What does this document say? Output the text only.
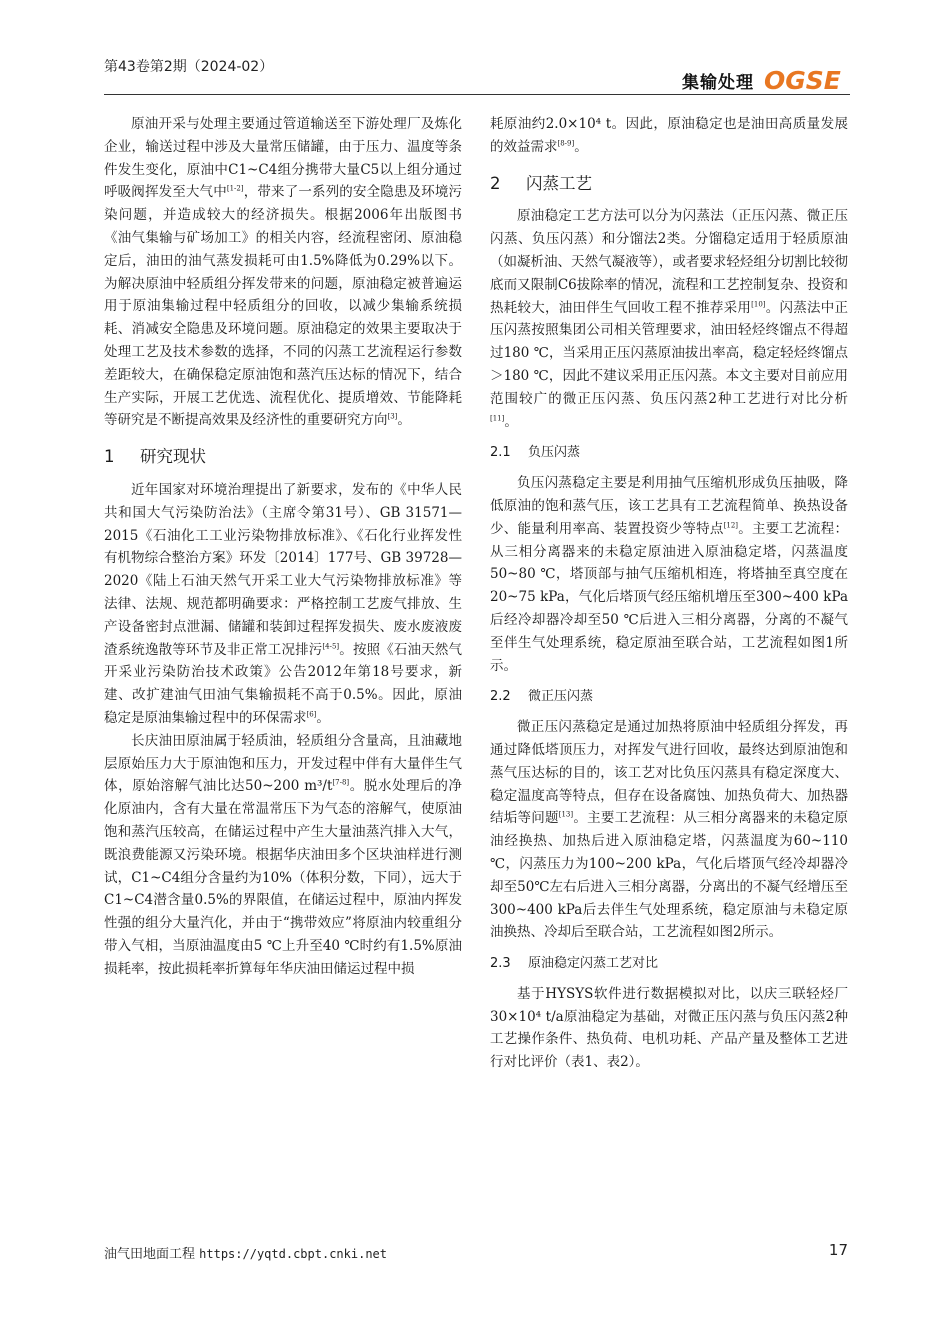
第43卷第2期（2024-02）
集输处理 OGSE

原油开采与处理主要通过管道输送至下游处理厂及炼化企业，输送过程中涉及大量常压储罐，由于压力、温度等条件发生变化，原油中C1~C4组分携带大量C5以上组分通过呼吸阀挥发至大气中[1-2]，带来了一系列的安全隐患及环境污染问题，并造成较大的经济损失。根据2006年出版图书《油气集输与矿场加工》的相关内容，经流程密闭、原油稳定后，油田的油气蒸发损耗可由1.5%降低为0.29%以下。为解决原油中轻质组分挥发带来的问题，原油稳定被普遍运用于原油集输过程中轻质组分的回收，以减少集输系统损耗、消减安全隐患及环境问题。原油稳定的效果主要取决于处理工艺及技术参数的选择，不同的闪蒸工艺流程运行参数差距较大，在确保稳定原油饱和蒸汽压达标的情况下，结合生产实际，开展工艺优选、流程优化、提质增效、节能降耗等研究是不断提高效果及经济性的重要研究方向[3]。

1 研究现状

近年国家对环境治理提出了新要求，发布的《中华人民共和国大气污染防治法》（主席令第31号）、GB 31571—2015《石油化工工业污染物排放标准》、《石化行业挥发性有机物综合整治方案》环发〔2014〕177号、GB 39728—2020《陆上石油天然气开采工业大气污染物排放标准》等法律、法规、规范都明确要求：严格控制工艺废气排放、生产设备密封点泄漏、储罐和装卸过程挥发损失、废水废液废渣系统逸散等环节及非正常工况排污[4-5]。按照《石油天然气开采业污染防治技术政策》公告2012年第18号要求，新建、改扩建油气田油气集输损耗不高于0.5%。因此，原油稳定是原油集输过程中的环保需求[6]。

长庆油田原油属于轻质油，轻质组分含量高，且油藏地层原始压力大于原油饱和压力，开发过程中伴有大量伴生气体，原始溶解气油比达50~200 m³/t[7-8]。脱水处理后的净化原油内，含有大量在常温常压下为气态的溶解气，使原油饱和蒸汽压较高，在储运过程中产生大量油蒸汽排入大气，既浪费能源又污染环境。根据华庆油田多个区块油样进行测试，C1~C4组分含量约为10%（体积分数，下同），远大于C1~C4潜含量0.5%的界限值，在储运过程中，原油内挥发性强的组分大量汽化，并由于“携带效应”将原油内较重组分带入气相，当原油温度由5 ℃上升至40 ℃时约有1.5%原油损耗率，按此损耗率折算每年华庆油田储运过程中损

耗原油约2.0×10⁴ t。因此，原油稳定也是油田高质量发展的效益需求[8-9]。

2 闪蒸工艺

原油稳定工艺方法可以分为闪蒸法（正压闪蒸、微正压闪蒸、负压闪蒸）和分馏法2类。分馏稳定适用于轻质原油（如凝析油、天然气凝液等），或者要求轻烃组分切割比较彻底而又限制C6拔除率的情况，流程和工艺控制复杂、投资和热耗较大，油田伴生气回收工程不推荐采用[10]。闪蒸法中正压闪蒸按照集团公司相关管理要求，油田轻烃终馏点不得超过180 ℃，当采用正压闪蒸原油拔出率高，稳定轻烃终馏点＞180 ℃，因此不建议采用正压闪蒸。本文主要对目前应用范围较广的微正压闪蒸、负压闪蒸2种工艺进行对比分析[11]。

2.1 负压闪蒸

负压闪蒸稳定主要是利用抽气压缩机形成负压抽吸，降低原油的饱和蒸气压，该工艺具有工艺流程简单、换热设备少、能量利用率高、装置投资少等特点[12]。主要工艺流程：从三相分离器来的未稳定原油进入原油稳定塔，闪蒸温度50~80 ℃，塔顶部与抽气压缩机相连，将塔抽至真空度在20~75 kPa，气化后塔顶气经压缩机增压至300~400 kPa后经冷却器冷却至50 ℃后进入三相分离器，分离的不凝气至伴生气处理系统，稳定原油至联合站，工艺流程如图1所示。

2.2 微正压闪蒸

微正压闪蒸稳定是通过加热将原油中轻质组分挥发，再通过降低塔顶压力，对挥发气进行回收，最终达到原油饱和蒸气压达标的目的，该工艺对比负压闪蒸具有稳定深度大、稳定温度高等特点，但存在设备腐蚀、加热负荷大、加热器结垢等问题[13]。主要工艺流程：从三相分离器来的未稳定原油经换热、加热后进入原油稳定塔，闪蒸温度为60~110 ℃，闪蒸压力为100~200 kPa，气化后塔顶气经冷却器冷却至50℃左右后进入三相分离器，分离出的不凝气经增压至300~400 kPa后去伴生气处理系统，稳定原油与未稳定原油换热、冷却后至联合站，工艺流程如图2所示。

2.3 原油稳定闪蒸工艺对比

基于HYSYS软件进行数据模拟对比，以庆三联轻烃厂30×10⁴ t/a原油稳定为基础，对微正压闪蒸与负压闪蒸2种工艺操作条件、热负荷、电机功耗、产品产量及整体工艺进行对比评价（表1、表2）。

油气田地面工程 https://yqtd.cbpt.cnki.net	17
